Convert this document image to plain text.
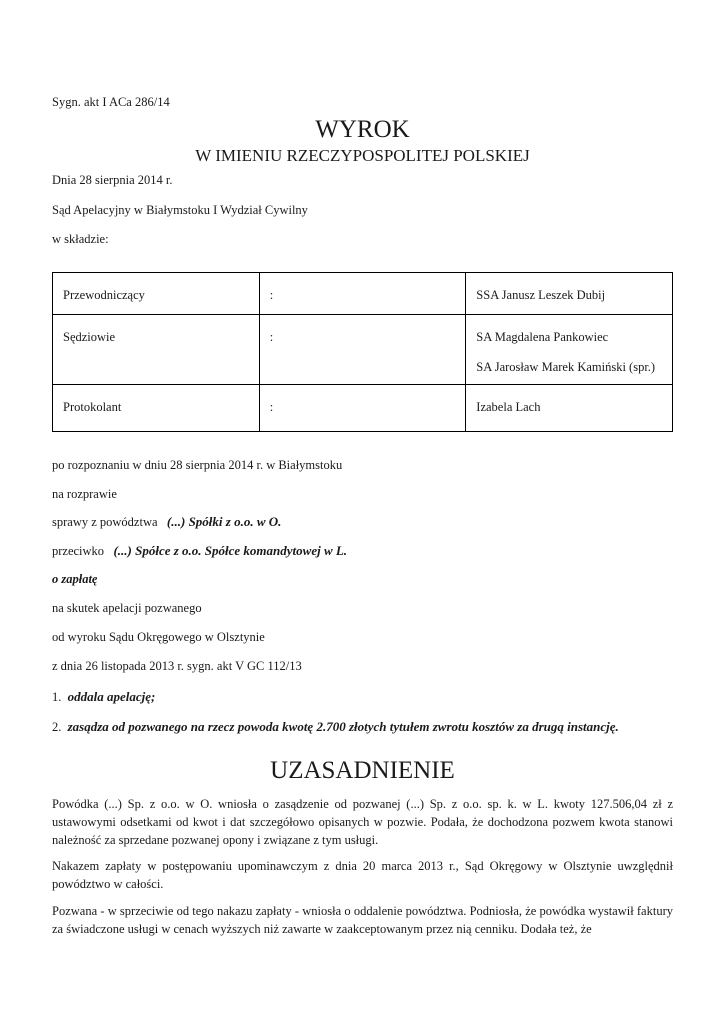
Sygn. akt I ACa 286/14
WYROK
W IMIENIU RZECZYPOSPOLITEJ POLSKIEJ
Dnia 28 sierpnia 2014 r.
Sąd Apelacyjny w Białymstoku I Wydział Cywilny
w składzie:
Przewodniczący	:	SSA Janusz Leszek Dubij

Sędziowie	:	SA Magdalena Pankowiec
SA Jarosław Marek Kamiński (spr.)

Protokolant	:	Izabela Lach
po rozpoznaniu w dniu 28 sierpnia 2014 r. w Białymstoku
na rozprawie
sprawy z powództwa (...) Spółki z o.o. w O.
przeciwko (...) Spółce z o.o. Spółce komandytowej w L.
o zapłatę
na skutek apelacji pozwanego
od wyroku Sądu Okręgowego w Olsztynie
z dnia 26 listopada 2013 r. sygn. akt V GC 112/13
1. oddala apelację;
2. zasądza od pozwanego na rzecz powoda kwotę 2.700 złotych tytułem zwrotu kosztów za drugą instancję.
UZASADNIENIE
Powódka (...) Sp. z o.o. w O. wniosła o zasądzenie od pozwanej (...) Sp. z o.o. sp. k. w L. kwoty 127.506,04 zł z ustawowymi odsetkami od kwot i dat szczegółowo opisanych w pozwie. Podała, że dochodzona pozwem kwota stanowi należność za sprzedane pozwanej opony i związane z tym usługi.
Nakazem zapłaty w postępowaniu upominawczym z dnia 20 marca 2013 r., Sąd Okręgowy w Olsztynie uwzględnił powództwo w całości.
Pozwana - w sprzeciwie od tego nakazu zapłaty - wniosła o oddalenie powództwa. Podniosła, że powódka wystawił faktury za świadczone usługi w cenach wyższych niż zawarte w zaakceptowanym przez nią cenniku. Dodała też, że
